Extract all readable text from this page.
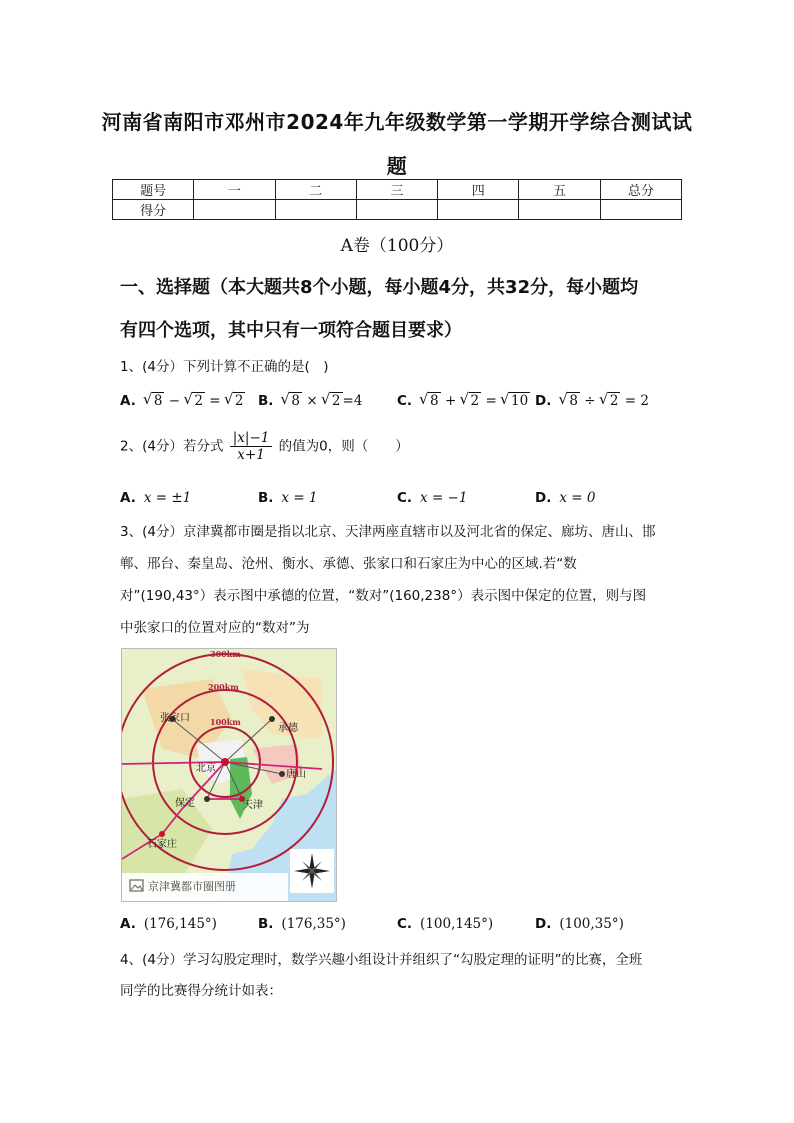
河南省南阳市邓州市2024年九年级数学第一学期开学综合测试试
题
题号	一	二	三	四	五	总分
得分						
A卷（100分）
一、选择题（本大题共8个小题，每小题4分，共32分，每小题均
有四个选项，其中只有一项符合题目要求）
1、(4分）下列计算不正确的是(　)
A. √ 8 − √ 2 = √ 2 B. √ 8 × √ 2 =4	C. √ 8 + √ 2 = √ 10 D. √ 8 ÷ √ 2 = 2
2、(4分）若分式 $\frac{|x|-1}{x+1}$ 的值为0，则（　　）
A. x = ±1	B. x = 1	C. x = −1	D. x = 0
3、(4分）京津冀都市圈是指以北京、天津两座直辖市以及河北省的保定、廊坊、唐山、邯
郸、邢台、秦皇岛、沧州、衡水、承德、张家口和石家庄为中心的区域.若“数
对”(190,43°）表示图中承德的位置，“数对”(160,238°）表示图中保定的位置，则与图
中张家口的位置对应的“数对”为
300km
200km
100km
张家口
承德
北京
唐山
保定	天津
石家庄
京津冀都市圈图册
A. (176,145°)	B. (176,35°)	C. (100,145°)	D. (100,35°)
4、(4分）学习勾股定理时，数学兴趣小组设计并组织了“勾股定理的证明”的比赛，全班
同学的比赛得分统计如表：
